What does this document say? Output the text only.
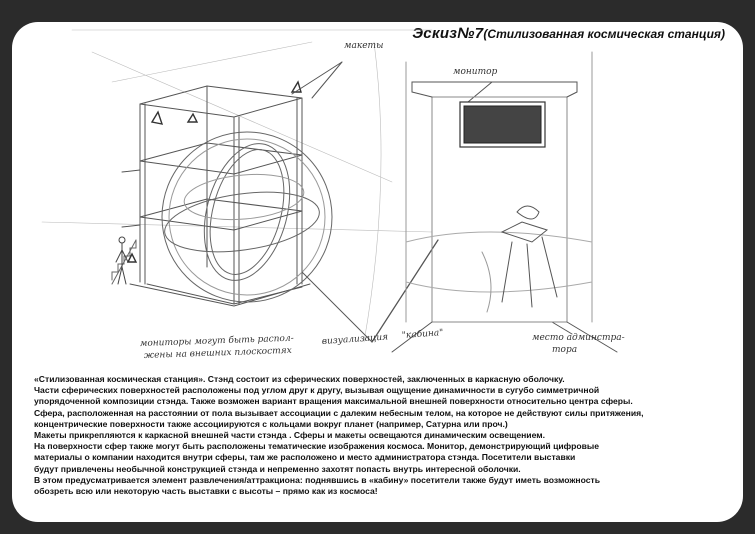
Эскиз№7(Стилизованная космическая станция)
макеты
монитор
мониторы могут быть распол-
жены на внешних плоскостях
визуализация "кабина"	место админстра-
тора

«Стилизованная космическая станция». Стэнд состоит из сферических поверхностей, заключенных в каркасную оболочку.

Части сферических поверхностей расположены под углом друг к другу, вызывая ощущение динамичности в сугубо симметричной

упорядоченной композиции стэнда. Также возможен вариант вращения максимальной внешней поверхности относительно центра сферы.

Сфера, расположенная на расстоянии от пола вызывает ассоциации с далеким небесным телом, на которое не действуют силы притяжения,

концентрические поверхности также ассоциируются с кольцами вокруг планет (например, Сатурна или проч.)

Макеты прикрепляются к каркасной внешней части стэнда . Сферы и макеты освещаются динамическим освещением.

На поверхности сфер также могут быть расположены тематические изображения космоса. Монитор, демонстрирующий цифровые

материалы о компании находится внутри сферы, там же расположено и место администратора стэнда. Посетители выставки

будут привлечены необычной конструкцией стэнда и непременно захотят попасть внутрь интересной оболочки.

В этом предусматривается элемент развлечения/аттракциона: поднявшись в «кабину» посетители также будут иметь возможность

обозреть всю или некоторую часть выставки с высоты – прямо как из космоса!
